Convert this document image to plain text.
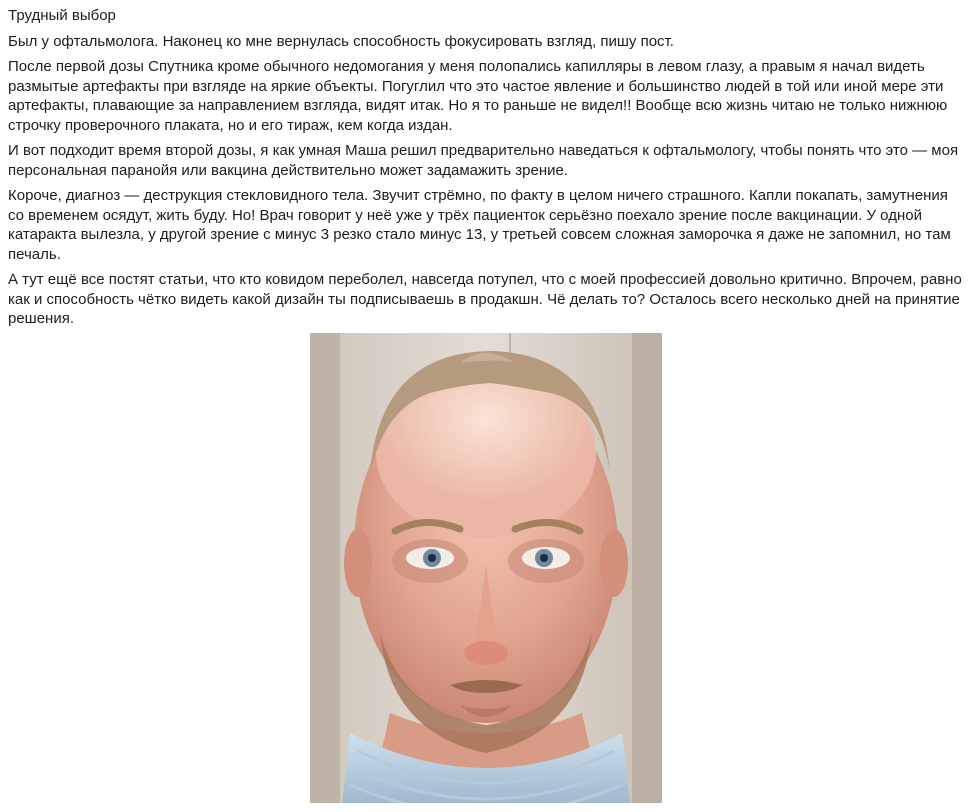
Трудный выбор

Был у офтальмолога. Наконец ко мне вернулась способность фокусировать взгляд, пишу пост.

После первой дозы Спутника кроме обычного недомогания у меня полопались капилляры в левом глазу, а правым я начал видеть размытые артефакты при взгляде на яркие объекты. Погуглил что это частое явление и большинство людей в той или иной мере эти артефакты, плавающие за направлением взгляда, видят итак. Но я то раньше не видел!! Вообще всю жизнь читаю не только нижнюю строчку проверочного плаката, но и его тираж, кем когда издан.

И вот подходит время второй дозы, я как умная Маша решил предварительно наведаться к офтальмологу, чтобы понять что это — моя персональная паранойя или вакцина действительно может задамажить зрение.

Короче, диагноз — деструкция стекловидного тела. Звучит стрёмно, по факту в целом ничего страшного. Капли покапать, замутнения со временем осядут, жить буду. Но! Врач говорит у неё уже у трёх пациенток серьёзно поехало зрение после вакцинации. У одной катаракта вылезла, у другой зрение с минус 3 резко стало минус 13, у третьей совсем сложная заморочка я даже не запомнил, но там печаль.

А тут ещё все постят статьи, что кто ковидом переболел, навсегда потупел, что с моей профессией довольно критично. Впрочем, равно как и способность чётко видеть какой дизайн ты подписываешь в продакшн. Чё делать то? Осталось всего несколько дней на принятие решения.
